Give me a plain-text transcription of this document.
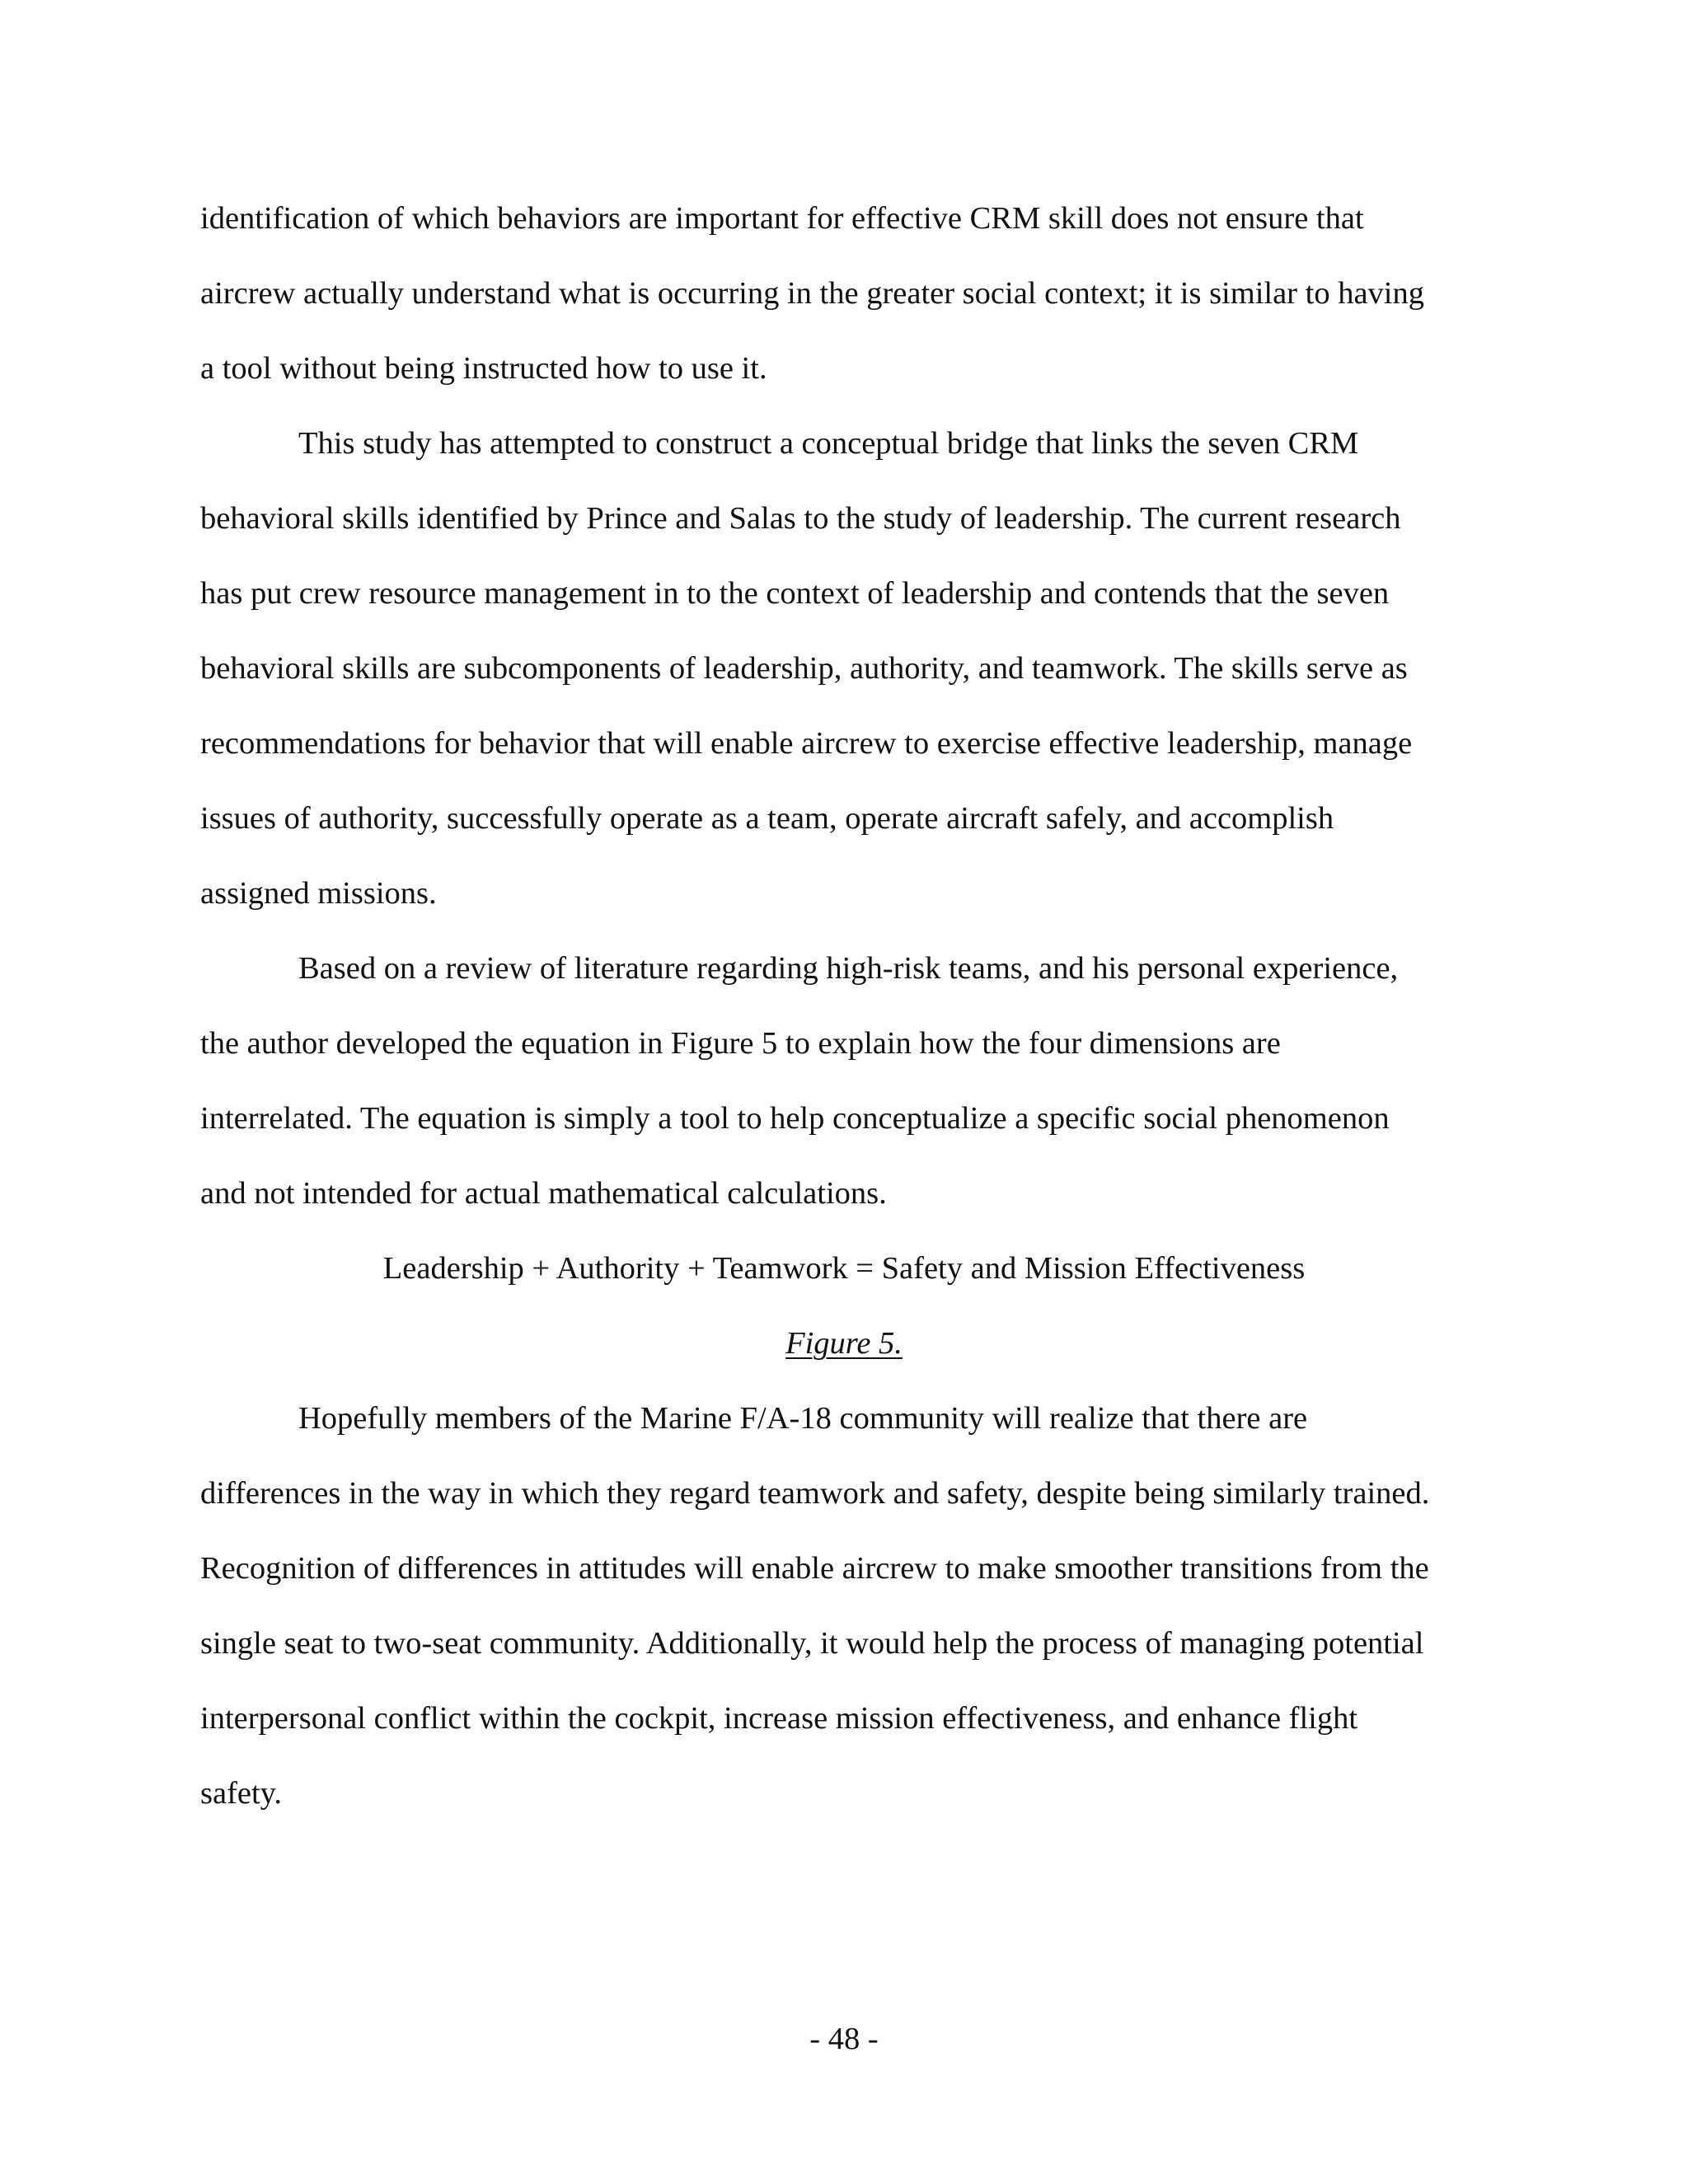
identification of which behaviors are important for effective CRM skill does not ensure that
aircrew actually understand what is occurring in the greater social context; it is similar to having
a tool without being instructed how to use it.
This study has attempted to construct a conceptual bridge that links the seven CRM
behavioral skills identified by Prince and Salas to the study of leadership. The current research
has put crew resource management in to the context of leadership and contends that the seven
behavioral skills are subcomponents of leadership, authority, and teamwork. The skills serve as
recommendations for behavior that will enable aircrew to exercise effective leadership, manage
issues of authority, successfully operate as a team, operate aircraft safely, and accomplish
assigned missions.
Based on a review of literature regarding high-risk teams, and his personal experience,
the author developed the equation in Figure 5 to explain how the four dimensions are
interrelated. The equation is simply a tool to help conceptualize a specific social phenomenon
and not intended for actual mathematical calculations.
Leadership + Authority + Teamwork = Safety and Mission Effectiveness
Figure 5.
Hopefully members of the Marine F/A-18 community will realize that there are
differences in the way in which they regard teamwork and safety, despite being similarly trained.
Recognition of differences in attitudes will enable aircrew to make smoother transitions from the
single seat to two-seat community. Additionally, it would help the process of managing potential
interpersonal conflict within the cockpit, increase mission effectiveness, and enhance flight
safety.
- 48 -
